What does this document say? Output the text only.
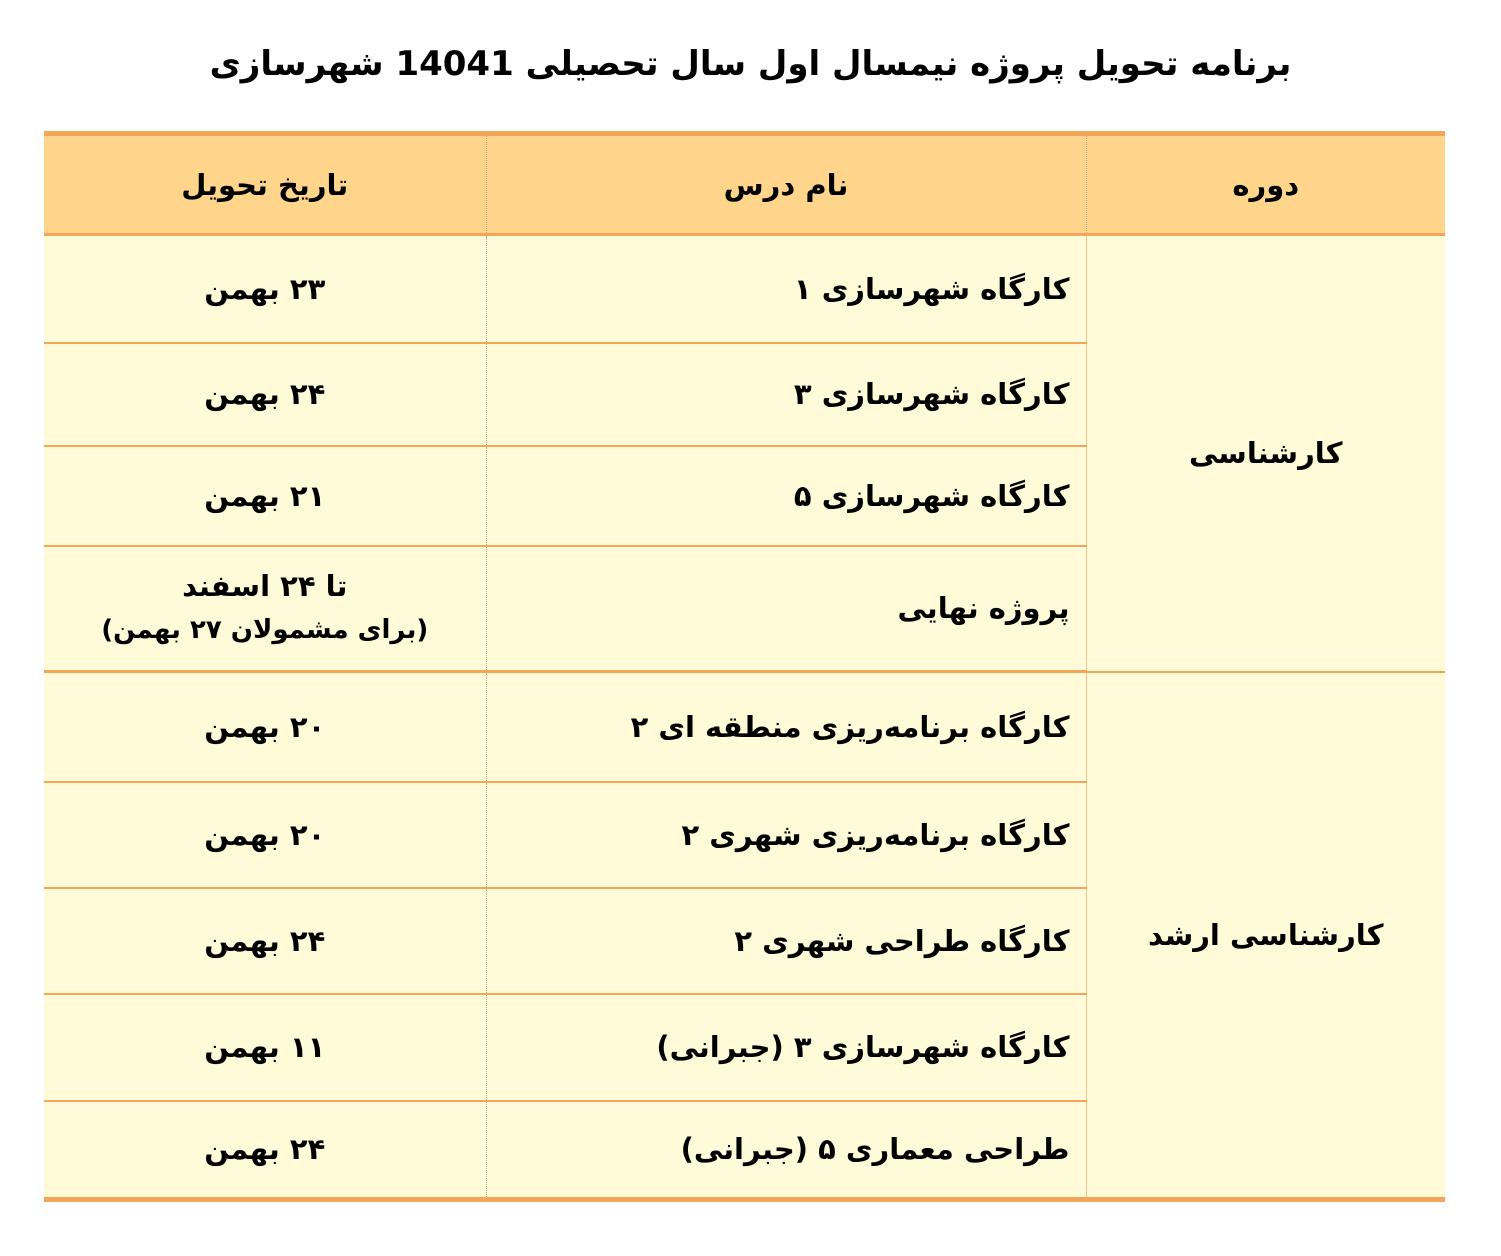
برنامه تحویل پروژه نیمسال اول سال تحصیلی 14041 شهرسازی
دوره	نام درس	تاریخ تحویل
کارشناسی	کارگاه شهرسازی ۱	۲۳ بهمن
	کارگاه شهرسازی ۳	۲۴ بهمن
	کارگاه شهرسازی ۵	۲۱ بهمن
	پروژه نهایی	تا ۲۴ اسفند
(برای مشمولان ۲۷ بهمن)

کارشناسی ارشد	کارگاه برنامه‌ریزی منطقه ای ۲	۲۰ بهمن
	کارگاه برنامه‌ریزی شهری ۲	۲۰ بهمن
	کارگاه طراحی شهری ۲	۲۴ بهمن
	کارگاه شهرسازی ۳ (جبرانی)	۱۱ بهمن
	طراحی معماری ۵ (جبرانی)	۲۴ بهمن
